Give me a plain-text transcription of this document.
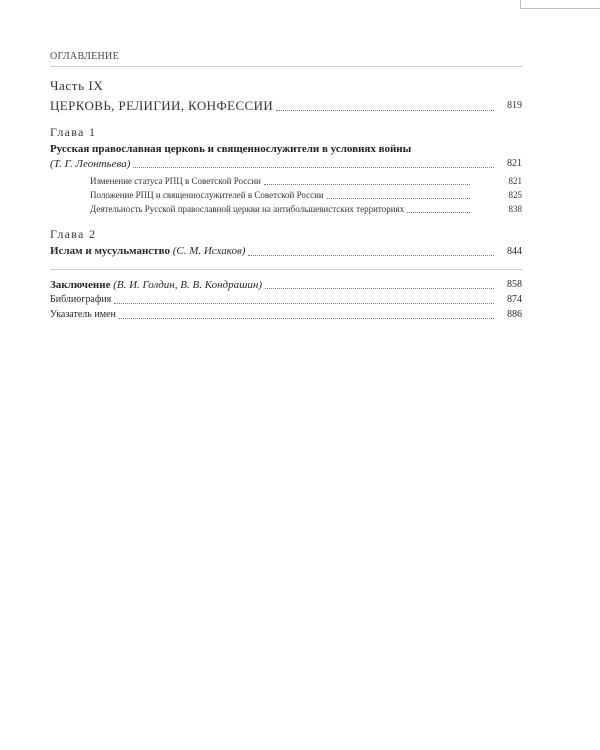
ОГЛАВЛЕНИЕ
Часть IX
ЦЕРКОВЬ, РЕЛИГИИ, КОНФЕССИИ	819
Глава 1
Русская православная церковь и священнослужители в условиях войны
(Т. Г. Леонтьева)	821
Изменение статуса РПЦ в Советской России	821
Положение РПЦ и священнослужителей в Советской России	825
Деятельность Русской православной церкви на антибольшевистских территориях	838
Глава 2
Ислам и мусульманство (С. М. Исхаков)	844
Заключение (В. И. Голдин, В. В. Кондрашин)	858
Библиография	874
Указатель имен	886
